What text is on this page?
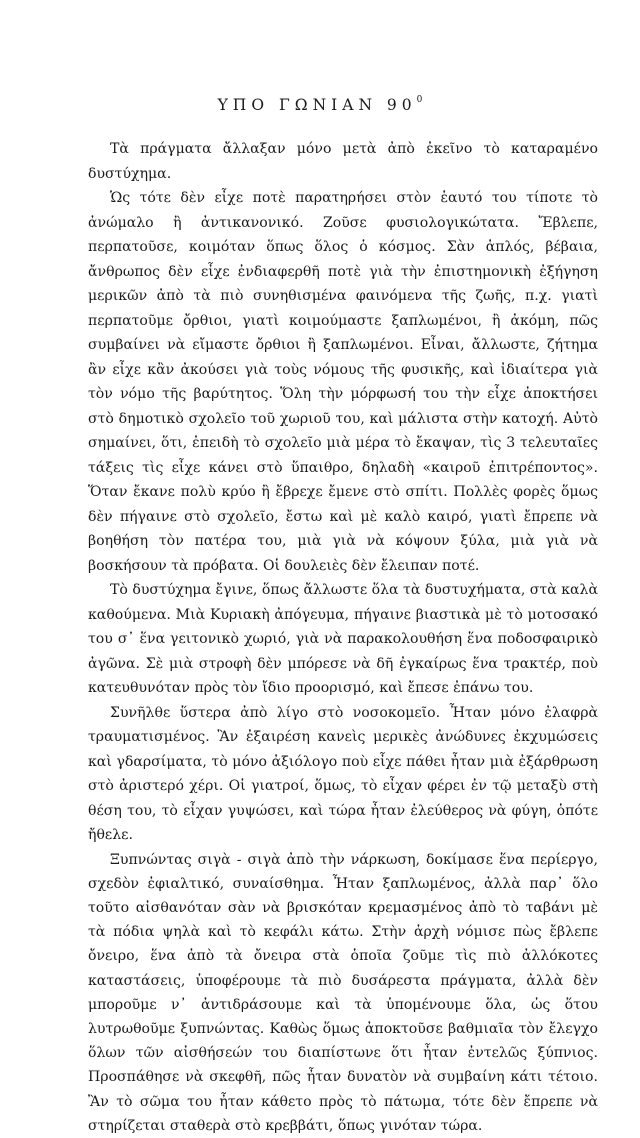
ΥΠΟ ΓΩΝΙΑΝ $90^0$

Τὰ πράγματα ἄλλαξαν μόνο μετὰ ἀπὸ ἐκεῖνο τὸ καταραμένο δυστύχημα.

Ὡς τότε δὲν εἶχε ποτὲ παρατηρήσει στὸν ἑαυτό του τίποτε τὸ ἀνώμαλο ἢ ἀντικανονικό. Ζοῦσε φυσιολογικώτατα. Ἔβλεπε, περπατοῦσε, κοιμόταν ὅπως ὅλος ὁ κόσμος. Σὰν ἁπλός, βέβαια, ἄνθρωπος δὲν εἶχε ἐνδιαφερθῆ ποτὲ γιὰ τὴν ἐπιστημονικὴ ἐξήγηση μερικῶν ἀπὸ τὰ πιὸ συνηθισμένα φαινόμενα τῆς ζωῆς, π.χ. γιατὶ περπατοῦμε ὄρθιοι, γιατὶ κοιμούμαστε ξαπλωμένοι, ἢ ἀκόμη, πῶς συμβαίνει νὰ εἴμαστε ὄρθιοι ἢ ξαπλωμένοι. Εἶναι, ἄλλωστε, ζήτημα ἂν εἶχε κἂν ἀκούσει γιὰ τοὺς νόμους τῆς φυσικῆς, καὶ ἰδιαίτερα γιὰ τὸν νόμο τῆς βαρύτητος. Ὅλη τὴν μόρφωσή του τὴν εἶχε ἀποκτήσει στὸ δημοτικὸ σχολεῖο τοῦ χωριοῦ του, καὶ μάλιστα στὴν κατοχή. Αὐτὸ σημαίνει, ὅτι, ἐπειδὴ τὸ σχολεῖο μιὰ μέρα τὸ ἔκαψαν, τὶς 3 τελευταῖες τάξεις τὶς εἶχε κάνει στὸ ὕπαιθρο, δηλαδὴ «καιροῦ ἐπιτρέποντος». Ὅταν ἔκανε πολὺ κρύο ἢ ἔβρεχε ἔμενε στὸ σπίτι. Πολλὲς φορὲς ὅμως δὲν πήγαινε στὸ σχολεῖο, ἔστω καὶ μὲ καλὸ καιρό, γιατὶ ἔπρεπε νὰ βοηθήση τὸν πατέρα του, μιὰ γιὰ νὰ κόψουν ξύλα, μιὰ γιὰ νὰ βοσκήσουν τὰ πρόβατα. Οἱ δουλειὲς δὲν ἔλειπαν ποτέ.

Τὸ δυστύχημα ἔγινε, ὅπως ἄλλωστε ὅλα τὰ δυστυχήματα, στὰ καλὰ καθούμενα. Μιὰ Κυριακὴ ἀπόγευμα, πήγαινε βιαστικὰ μὲ τὸ μοτοσακό του σ᾽ ἕνα γειτονικὸ χωριό, γιὰ νὰ παρακολουθήση ἕνα ποδοσφαιρικὸ ἀγῶνα. Σὲ μιὰ στροφὴ δὲν μπόρεσε νὰ δῆ ἐγκαίρως ἕνα τρακτέρ, ποὺ κατευθυνόταν πρὸς τὸν ἴδιο προορισμό, καὶ ἔπεσε ἐπάνω του.

Συνῆλθε ὕστερα ἀπὸ λίγο στὸ νοσοκομεῖο. Ἦταν μόνο ἐλαφρὰ τραυματισμένος. Ἂν ἐξαιρέση κανεὶς μερικὲς ἀνώδυνες ἐκχυμώσεις καὶ γδαρσίματα, τὸ μόνο ἀξιόλογο ποὺ εἶχε πάθει ἦταν μιὰ ἐξάρθρωση στὸ ἀριστερό χέρι. Οἱ γιατροί, ὅμως, τὸ εἶχαν φέρει ἐν τῷ μεταξὺ στὴ θέση του, τὸ εἶχαν γυψώσει, καὶ τώρα ἦταν ἐλεύθερος νὰ φύγη, ὁπότε ἤθελε.

Ξυπνώντας σιγὰ - σιγὰ ἀπὸ τὴν νάρκωση, δοκίμασε ἕνα περίεργο, σχεδὸν ἐφιαλτικό, συναίσθημα. Ἦταν ξαπλωμένος, ἀλλὰ παρ᾽ ὅλο τοῦτο αἰσθανόταν σὰν νὰ βρισκόταν κρεμασμένος ἀπὸ τὸ ταβάνι μὲ τὰ πόδια ψηλὰ καὶ τὸ κεφάλι κάτω. Στὴν ἀρχὴ νόμισε πὼς ἔβλεπε ὄνειρο, ἕνα ἀπὸ τὰ ὄνειρα στὰ ὁποῖα ζοῦμε τὶς πιὸ ἀλλόκοτες καταστάσεις, ὑποφέρουμε τὰ πιὸ δυσάρεστα πράγματα, ἀλλὰ δὲν μποροῦμε ν᾽ ἀντιδράσουμε καὶ τὰ ὑπομένουμε ὅλα, ὡς ὅτου λυτρωθοῦμε ξυπνώντας. Καθὼς ὅμως ἀποκτοῦσε βαθμιαῖα τὸν ἔλεγχο ὅλων τῶν αἰσθήσεών του διαπίστωνε ὅτι ἦταν ἐντελῶς ξύπνιος. Προσπάθησε νὰ σκεφθῆ, πῶς ἦταν δυνατὸν νὰ συμβαίνη κάτι τέτοιο. Ἂν τὸ σῶμα του ἦταν κάθετο πρὸς τὸ πάτωμα, τότε δὲν ἔπρεπε νὰ στηρίζεται σταθερὰ στὸ κρεββάτι, ὅπως γινόταν τώρα.
